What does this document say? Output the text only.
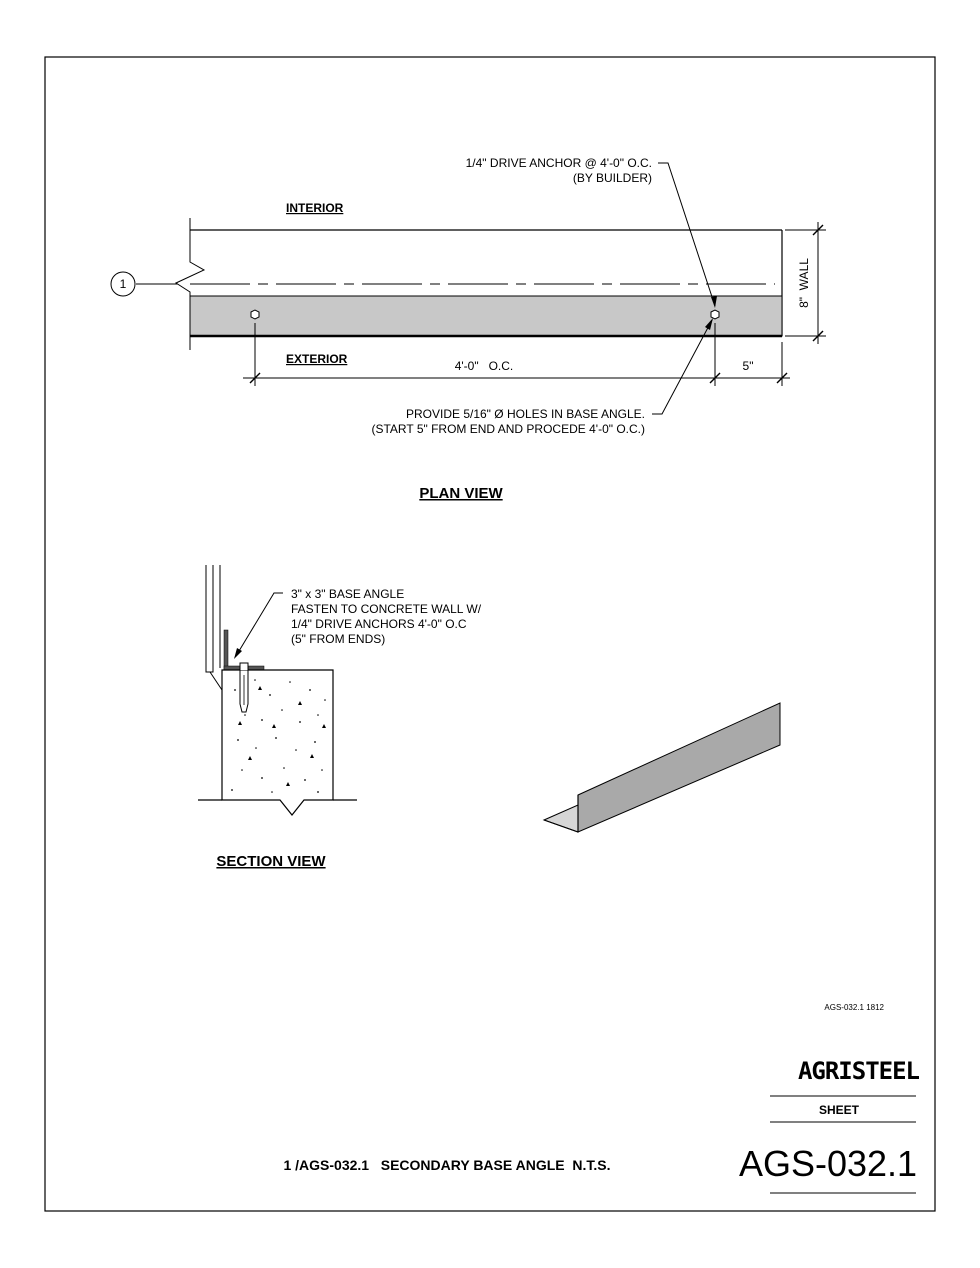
1
INTERIOR
EXTERIOR
1/4" DRIVE ANCHOR @ 4'-0" O.C.
(BY BUILDER)
PROVIDE 5/16" Ø HOLES IN BASE ANGLE.
(START 5" FROM END AND PROCEDE 4'-0" O.C.)
4'-0"   O.C.	5"
8"  WALL
PLAN VIEW
3" x 3" BASE ANGLE
FASTEN TO CONCRETE WALL W/
1/4" DRIVE ANCHORS 4'-0" O.C
(5" FROM ENDS)
SECTION VIEW
AGS-032.1 1812
AGRISTEEL
SHEET
AGS-032.1
1 /AGS-032.1   SECONDARY BASE ANGLE  N.T.S.
